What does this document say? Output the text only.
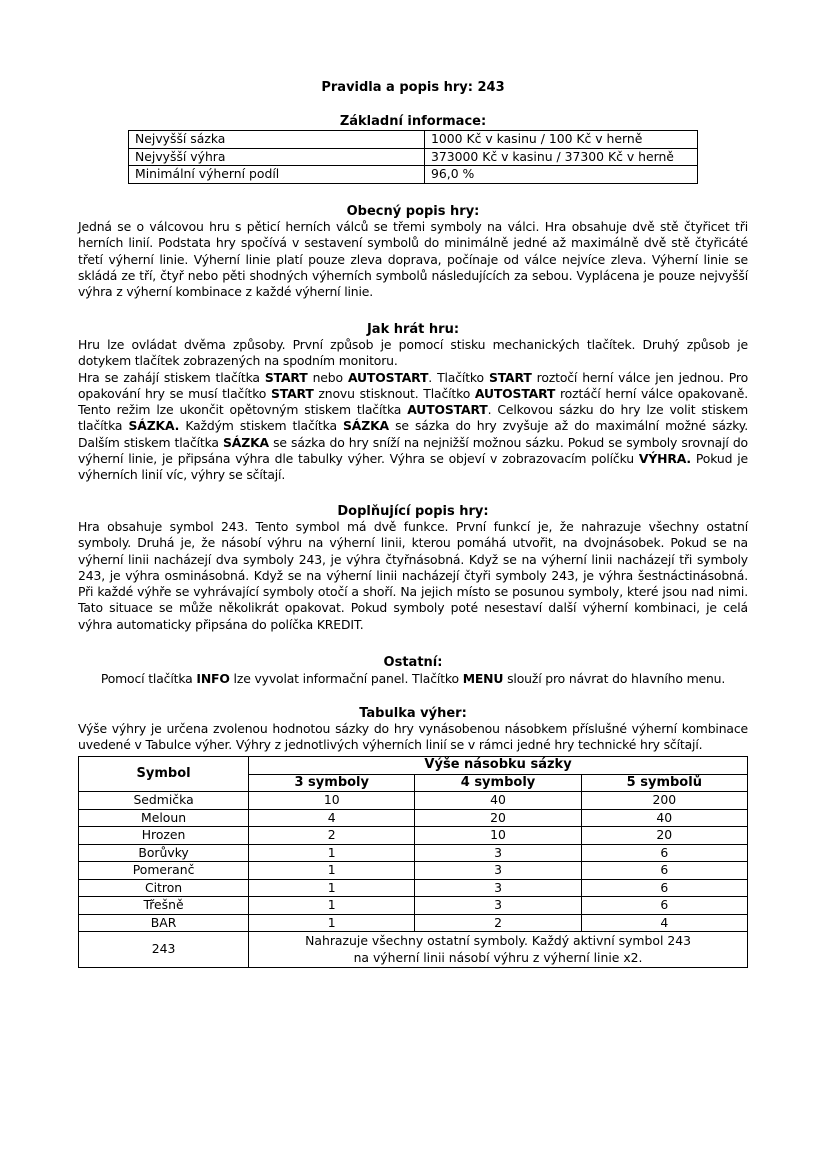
Pravidla a popis hry: 243
Základní informace:
Nejvyšší sázka	1000 Kč v kasinu / 100 Kč v herně
Nejvyšší výhra	373000 Kč v kasinu / 37300 Kč v herně
Minimální výherní podíl	96,0 %
Obecný popis hry:

Jedná se o válcovou hru s pěticí herních válců se třemi symboly na válci. Hra obsahuje dvě stě čtyřicet tři herních linií. Podstata hry spočívá v sestavení symbolů do minimálně jedné až maximálně dvě stě čtyřicáté třetí výherní linie. Výherní linie platí pouze zleva doprava, počínaje od válce nejvíce zleva. Výherní linie se skládá ze tří, čtyř nebo pěti shodných výherních symbolů následujících za sebou. Vyplácena je pouze nejvyšší výhra z výherní kombinace z každé výherní linie.

Jak hrát hru:

Hru lze ovládat dvěma způsoby. První způsob je pomocí stisku mechanických tlačítek. Druhý způsob je dotykem tlačítek zobrazených na spodním monitoru.

Hra se zahájí stiskem tlačítka START nebo AUTOSTART. Tlačítko START roztočí herní válce jen jednou. Pro opakování hry se musí tlačítko START znovu stisknout. Tlačítko AUTOSTART roztáčí herní válce opakovaně. Tento režim lze ukončit opětovným stiskem tlačítka AUTOSTART. Celkovou sázku do hry lze volit stiskem tlačítka SÁZKA. Každým stiskem tlačítka SÁZKA se sázka do hry zvyšuje až do maximální možné sázky. Dalším stiskem tlačítka SÁZKA se sázka do hry sníží na nejnižší možnou sázku. Pokud se symboly srovnají do výherní linie, je připsána výhra dle tabulky výher. Výhra se objeví v zobrazovacím políčku VÝHRA. Pokud je výherních linií víc, výhry se sčítají.

Doplňující popis hry:

Hra obsahuje symbol 243. Tento symbol má dvě funkce. První funkcí je, že nahrazuje všechny ostatní symboly. Druhá je, že násobí výhru na výherní linii, kterou pomáhá utvořit, na dvojnásobek. Pokud se na výherní linii nacházejí dva symboly 243, je výhra čtyřnásobná. Když se na výherní linii nacházejí tři symboly 243, je výhra osminásobná. Když se na výherní linii nacházejí čtyři symboly 243, je výhra šestnáctinásobná. Při každé výhře se vyhrávající symboly otočí a shoří. Na jejich místo se posunou symboly, které jsou nad nimi. Tato situace se může několikrát opakovat. Pokud symboly poté nesestaví další výherní kombinaci, je celá výhra automaticky připsána do políčka KREDIT.

Ostatní:

Pomocí tlačítka INFO lze vyvolat informační panel. Tlačítko MENU slouží pro návrat do hlavního menu.

Tabulka výher:

Výše výhry je určena zvolenou hodnotou sázky do hry vynásobenou násobkem příslušné výherní kombinace uvedené v Tabulce výher. Výhry z jednotlivých výherních linií se v rámci jedné hry technické hry sčítají.

Symbol	Výše násobku sázky		
	3 symboly	4 symboly	5 symbolů
Sedmička	10	40	200
Meloun	4	20	40
Hrozen	2	10	20
Borůvky	1	3	6
Pomeranč	1	3	6
Citron	1	3	6
Třešně	1	3	6
BAR	1	2	4
243	Nahrazuje všechny ostatní symboly. Každý aktivní symbol 243
na výherní linii násobí výhru z výherní linie x2.		
